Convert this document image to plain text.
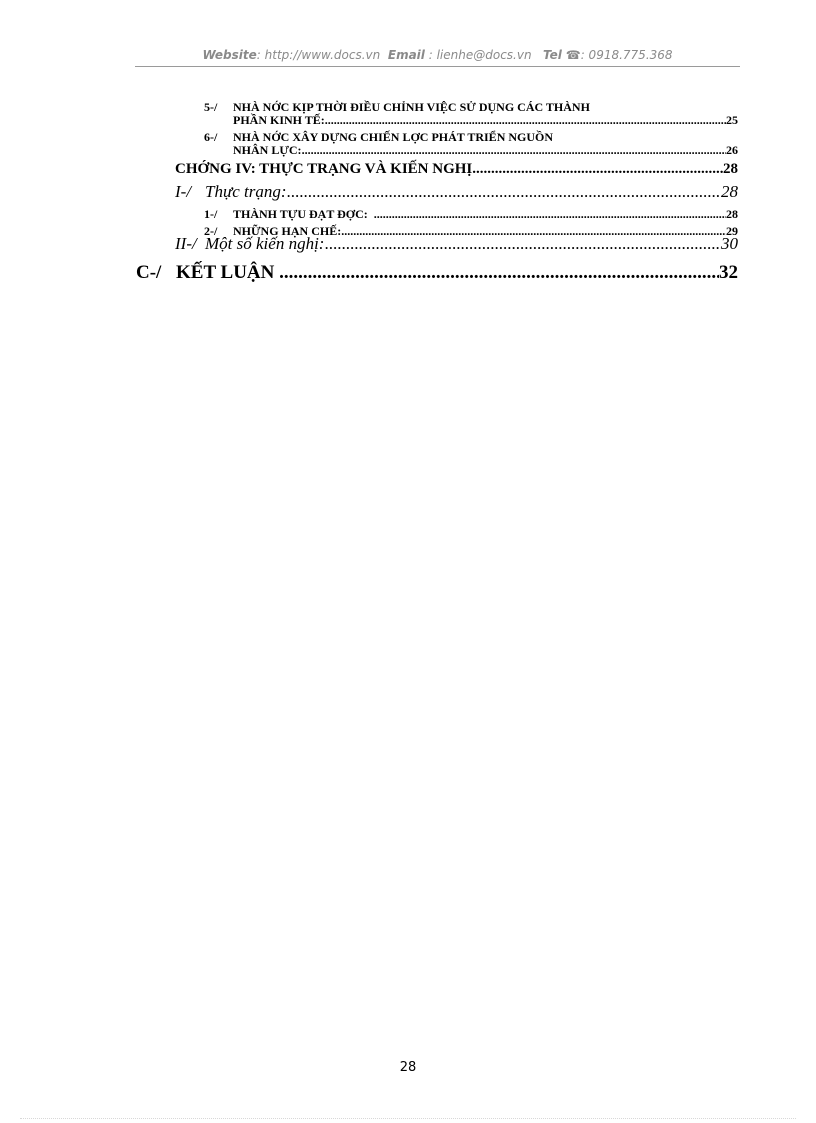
Website: http://www.docs.vn Email : lienhe@docs.vn Tel ☎: 0918.775.368
5-/ NHÀ NỚC KỊP THỜI ĐIỀU CHỈNH VIỆC SỬ DỤNG CÁC THÀNH
PHẦN KINH TẾ: .....	25
6-/ NHÀ NỚC XÂY DỰNG CHIẾN LỢC PHÁT TRIỂN NGUỒN
NHÂN LỰC: .....	26
CHỚNG IV: THỰC TRẠNG VÀ KIẾN NGHỊ .....	28
I-/ Thực trạng: .....	28
1-/ THÀNH TỰU ĐẠT ĐỢC: .....	28
2-/ NHỮNG HẠN CHẾ: .....	29
II-/ Một số kiến nghị: .....	30
C-/ KẾT LUẬN .....	32
28
